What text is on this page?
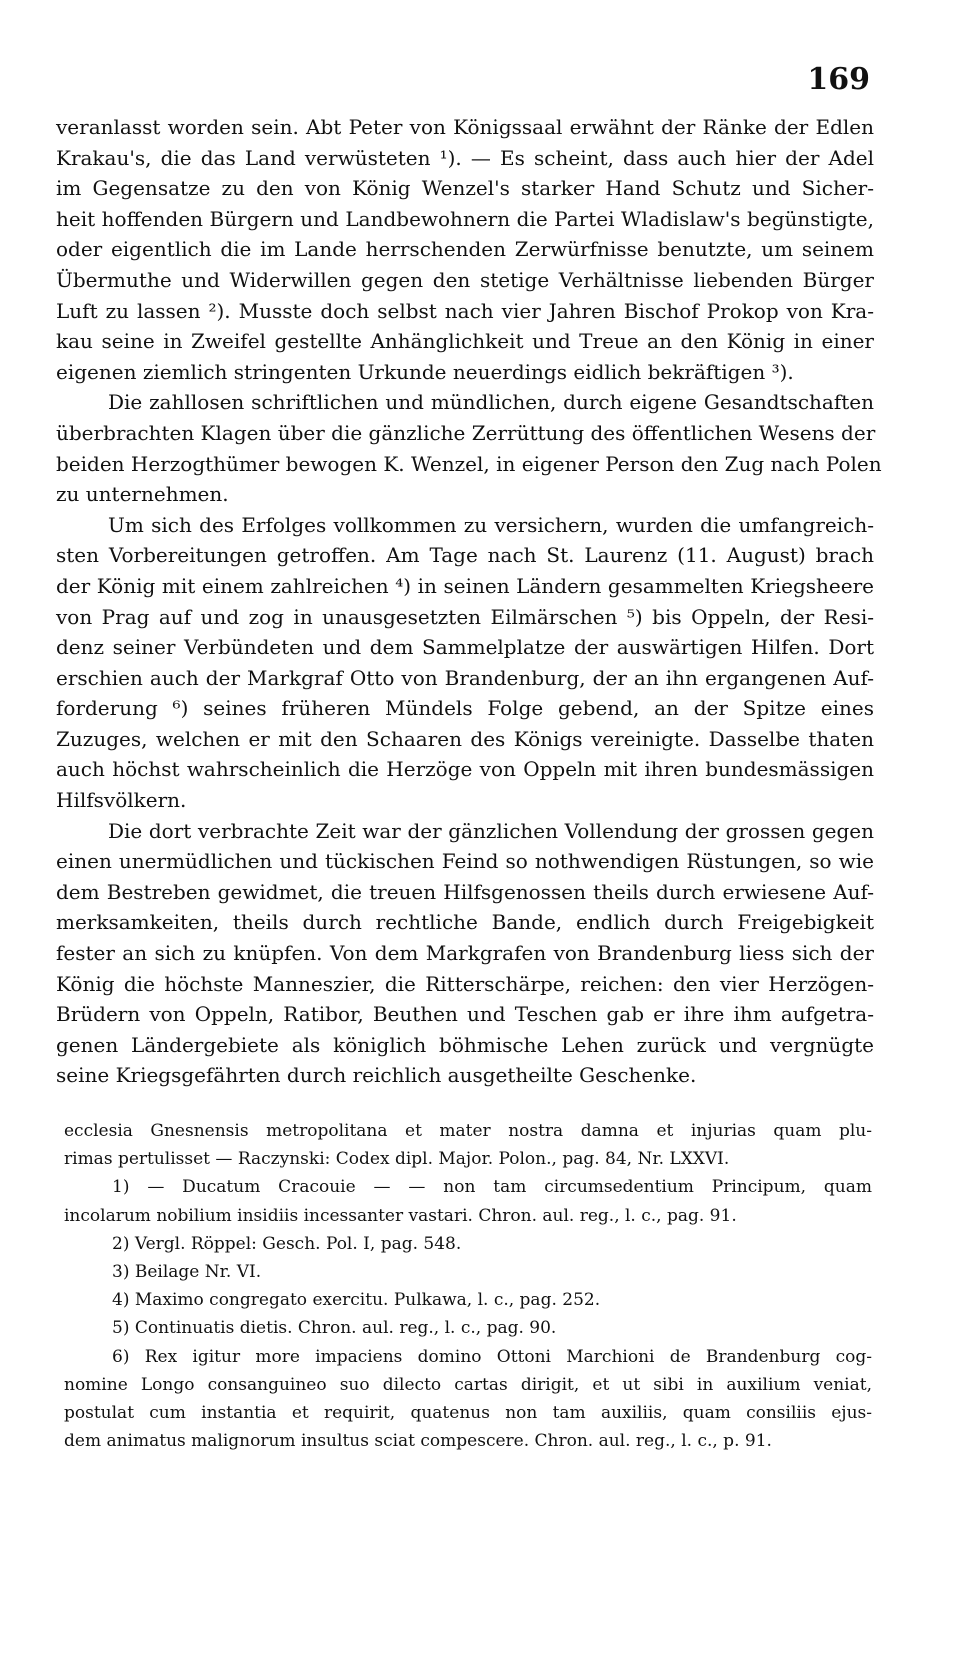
169
veranlasst worden sein. Abt Peter von Königssaal erwähnt der Ränke der Edlen
Krakau's, die das Land verwüsteten ¹). — Es scheint, dass auch hier der Adel
im Gegensatze zu den von König Wenzel's starker Hand Schutz und Sicher-
heit hoffenden Bürgern und Landbewohnern die Partei Wladislaw's begünstigte,
oder eigentlich die im Lande herrschenden Zerwürfnisse benutzte, um seinem
Übermuthe und Widerwillen gegen den stetige Verhältnisse liebenden Bürger
Luft zu lassen ²). Musste doch selbst nach vier Jahren Bischof Prokop von Kra-
kau seine in Zweifel gestellte Anhänglichkeit und Treue an den König in einer
eigenen ziemlich stringenten Urkunde neuerdings eidlich bekräftigen ³).
Die zahllosen schriftlichen und mündlichen, durch eigene Gesandtschaften
überbrachten Klagen über die gänzliche Zerrüttung des öffentlichen Wesens der
beiden Herzogthümer bewogen K. Wenzel, in eigener Person den Zug nach Polen
zu unternehmen.
Um sich des Erfolges vollkommen zu versichern, wurden die umfangreich-
sten Vorbereitungen getroffen. Am Tage nach St. Laurenz (11. August) brach
der König mit einem zahlreichen ⁴) in seinen Ländern gesammelten Kriegsheere
von Prag auf und zog in unausgesetzten Eilmärschen ⁵) bis Oppeln, der Resi-
denz seiner Verbündeten und dem Sammelplatze der auswärtigen Hilfen. Dort
erschien auch der Markgraf Otto von Brandenburg, der an ihn ergangenen Auf-
forderung ⁶) seines früheren Mündels Folge gebend, an der Spitze eines
Zuzuges, welchen er mit den Schaaren des Königs vereinigte. Dasselbe thaten
auch höchst wahrscheinlich die Herzöge von Oppeln mit ihren bundesmässigen
Hilfsvölkern.
Die dort verbrachte Zeit war der gänzlichen Vollendung der grossen gegen
einen unermüdlichen und tückischen Feind so nothwendigen Rüstungen, so wie
dem Bestreben gewidmet, die treuen Hilfsgenossen theils durch erwiesene Auf-
merksamkeiten, theils durch rechtliche Bande, endlich durch Freigebigkeit
fester an sich zu knüpfen. Von dem Markgrafen von Brandenburg liess sich der
König die höchste Manneszier, die Ritterschärpe, reichen: den vier Herzögen-
Brüdern von Oppeln, Ratibor, Beuthen und Teschen gab er ihre ihm aufgetra-
genen Ländergebiete als königlich böhmische Lehen zurück und vergnügte
seine Kriegsgefährten durch reichlich ausgetheilte Geschenke.
ecclesia Gnesnensis metropolitana et mater nostra damna et injurias quam plu-
rimas pertulisset — Raczynski: Codex dipl. Major. Polon., pag. 84, Nr. LXXVI.
1) — Ducatum Cracouie — — non tam circumsedentium Principum, quam
incolarum nobilium insidiis incessanter vastari. Chron. aul. reg., l. c., pag. 91.
2) Vergl. Röppel: Gesch. Pol. I, pag. 548.
3) Beilage Nr. VI.
4) Maximo congregato exercitu. Pulkawa, l. c., pag. 252.
5) Continuatis dietis. Chron. aul. reg., l. c., pag. 90.
6) Rex igitur more impaciens domino Ottoni Marchioni de Brandenburg cog-
nomine Longo consanguineo suo dilecto cartas dirigit, et ut sibi in auxilium veniat,
postulat cum instantia et requirit, quatenus non tam auxiliis, quam consiliis ejus-
dem animatus malignorum insultus sciat compescere. Chron. aul. reg., l. c., p. 91.
